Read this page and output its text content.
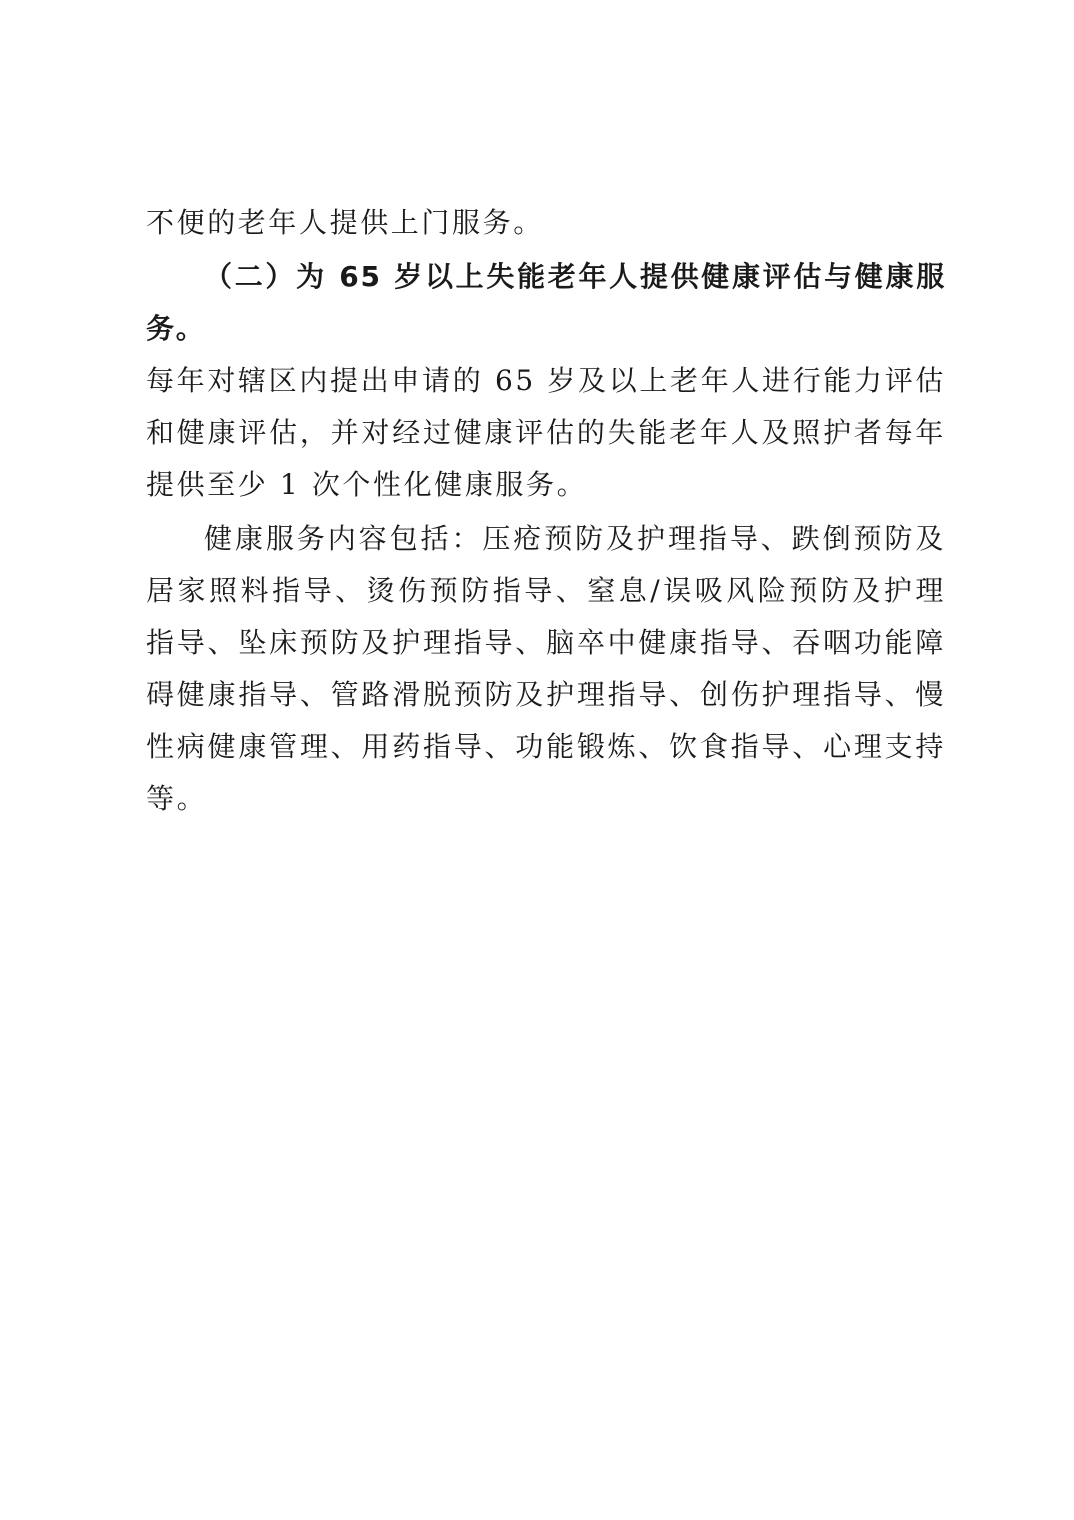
不便的老年人提供上门服务。

（二）为 65 岁以上失能老年人提供健康评估与健康服务。

每年对辖区内提出申请的 65 岁及以上老年人进行能力评估和健康评估，并对经过健康评估的失能老年人及照护者每年提供至少 1 次个性化健康服务。

健康服务内容包括：压疮预防及护理指导、跌倒预防及居家照料指导、烫伤预防指导、窒息/误吸风险预防及护理指导、坠床预防及护理指导、脑卒中健康指导、吞咽功能障碍健康指导、管路滑脱预防及护理指导、创伤护理指导、慢性病健康管理、用药指导、功能锻炼、饮食指导、心理支持等。
